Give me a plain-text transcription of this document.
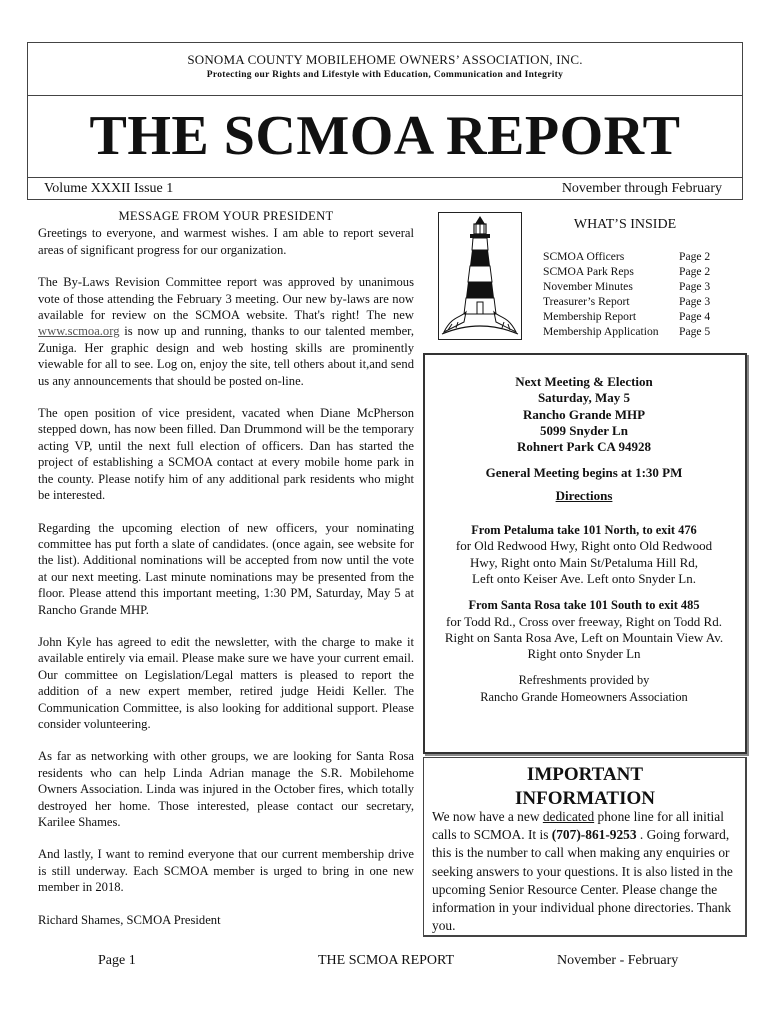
SONOMA COUNTY MOBILEHOME OWNERS’ ASSOCIATION, INC.
Protecting our Rights and Lifestyle with Education, Communication and Integrity
THE SCMOA REPORT
Volume XXXII Issue 1	November through February
MESSAGE FROM YOUR PRESIDENT

Greetings to everyone, and warmest wishes. I am able to report several areas of significant progress for our organization.

The By-Laws Revision Committee report was approved by unanimous vote of those attending the February 3 meeting. Our new by-laws are now available for review on the SCMOA website. That's right! The new www.scmoa.org is now up and running, thanks to our talented member, Zuniga. Her graphic design and web hosting skills are prominently viewable for all to see. Log on, enjoy the site, tell others about it,and send us any announcements that should be posted on-line.

The open position of vice president, vacated when Diane McPherson stepped down, has now been filled. Dan Drummond will be the temporary acting VP, until the next full election of officers. Dan has started the project of establishing a SCMOA contact at every mobile home park in the county. Please notify him of any additional park residents who might be interested.

Regarding the upcoming election of new officers, your nominating committee has put forth a slate of candidates. (once again, see website for the list). Additional nominations will be accepted from now until the vote at our next meeting. Last minute nominations may be presented from the floor. Please attend this important meeting, 1:30 PM, Saturday, May 5 at Rancho Grande MHP.

John Kyle has agreed to edit the newsletter, with the charge to make it available entirely via email. Please make sure we have your current email. Our committee on Legislation/Legal matters is pleased to report the addition of a new expert member, retired judge Heidi Keller. The Communication Committee, is also looking for additional support. Please consider volunteering.

As far as networking with other groups, we are looking for Santa Rosa residents who can help Linda Adrian manage the S.R. Mobilehome Owners Association. Linda was injured in the October fires, which totally destroyed her home. Those interested, please contact our secretary, Karilee Shames.

And lastly, I want to remind everyone that our current membership drive is still underway. Each SCMOA member is urged to bring in one new member in 2018.

Richard Shames, SCMOA President
WHAT’S INSIDE
SCMOA Officers	Page 2
SCMOA Park Reps	Page 2
November Minutes	Page 3
Treasurer’s Report	Page 3
Membership Report	Page 4
Membership Application	Page 5
Next Meeting & Election
Saturday, May 5
Rancho Grande MHP
5099 Snyder Ln
Rohnert Park CA 94928
General Meeting begins at 1:30 PM
Directions
From Petaluma take 101 North, to exit 476
for Old Redwood Hwy, Right onto Old Redwood
Hwy, Right onto Main St/Petaluma Hill Rd,
Left onto Keiser Ave. Left onto Snyder Ln.
From Santa Rosa take 101 South to exit 485
for Todd Rd., Cross over freeway, Right on Todd Rd.
Right on Santa Rosa Ave, Left on Mountain View Av.
Right onto Snyder Ln
Refreshments provided by
Rancho Grande Homeowners Association
IMPORTANT
INFORMATION
We now have a new dedicated phone line for all initial calls to SCMOA. It is (707)-861-9253 . Going forward, this is the number to call when making any enquiries or seeking answers to your questions. It is also listed in the upcoming Senior Resource Center. Please change the information in your individual phone directories. Thank you.
Page 1	THE SCMOA REPORT	November - February
